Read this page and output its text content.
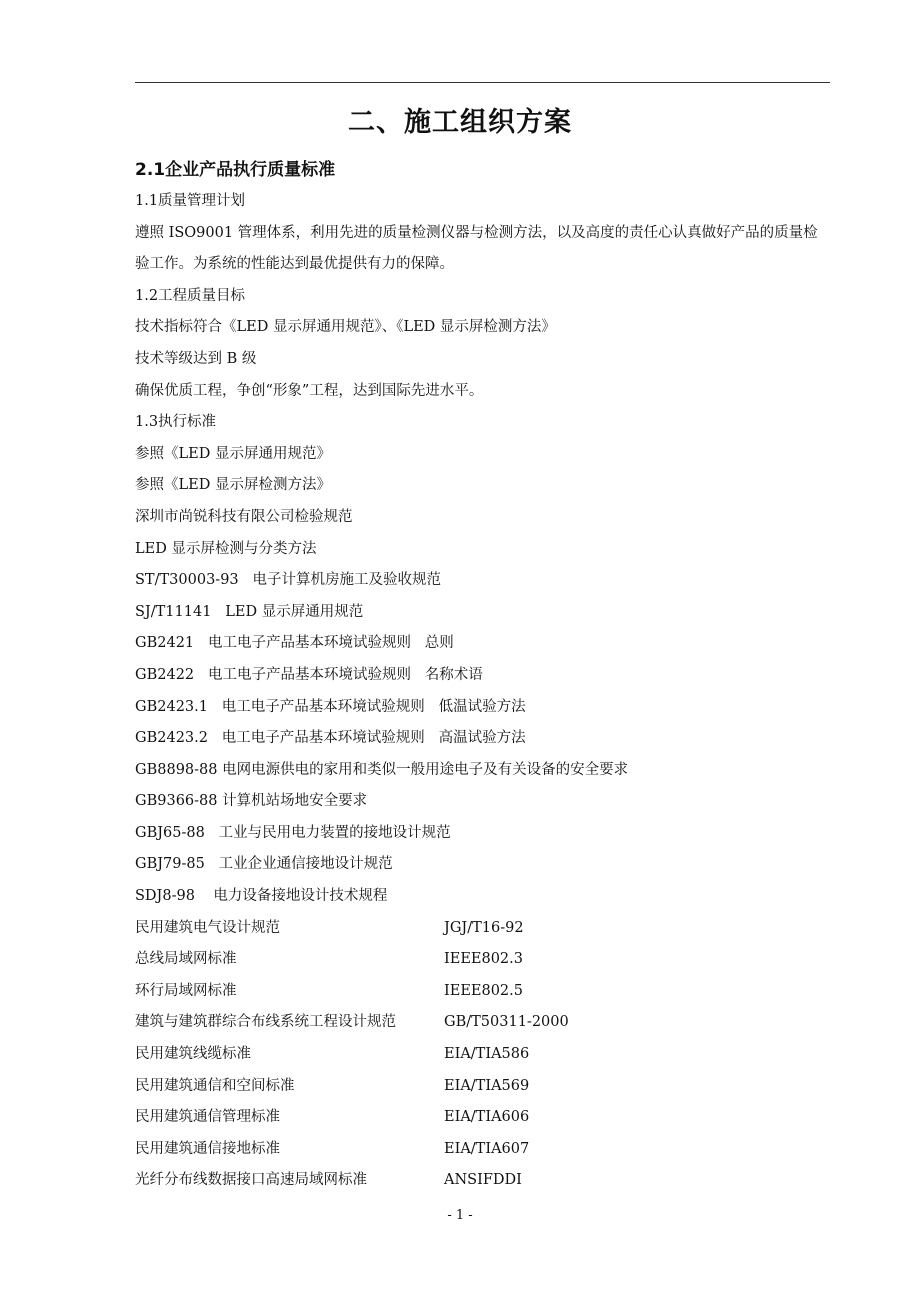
二、施工组织方案
2.1企业产品执行质量标准
1.1质量管理计划
遵照 ISO9001 管理体系，利用先进的质量检测仪器与检测方法，以及高度的责任心认真做好产品的质量检验工作。为系统的性能达到最优提供有力的保障。
1.2工程质量目标
技术指标符合《LED 显示屏通用规范》、《LED 显示屏检测方法》
技术等级达到 B 级
确保优质工程，争创“形象”工程，达到国际先进水平。
1.3执行标准
参照《LED 显示屏通用规范》
参照《LED 显示屏检测方法》
深圳市尚锐科技有限公司检验规范
LED 显示屏检测与分类方法
ST/T30003-93   电子计算机房施工及验收规范
SJ/T11141   LED 显示屏通用规范
GB2421   电工电子产品基本环境试验规则   总则
GB2422   电工电子产品基本环境试验规则   名称术语
GB2423.1   电工电子产品基本环境试验规则   低温试验方法
GB2423.2   电工电子产品基本环境试验规则   高温试验方法
GB8898-88 电网电源供电的家用和类似一般用途电子及有关设备的安全要求
GB9366-88 计算机站场地安全要求
GBJ65-88   工业与民用电力装置的接地设计规范
GBJ79-85   工业企业通信接地设计规范
SDJ8-98    电力设备接地设计技术规程
民用建筑电气设计规范	JGJ/T16-92
总线局域网标准	IEEE802.3
环行局域网标准	IEEE802.5
建筑与建筑群综合布线系统工程设计规范	GB/T50311-2000
民用建筑线缆标准	EIA/TIA586
民用建筑通信和空间标准	EIA/TIA569
民用建筑通信管理标准	EIA/TIA606
民用建筑通信接地标准	EIA/TIA607
光纤分布线数据接口高速局域网标准	ANSIFDDI
- 1 -
